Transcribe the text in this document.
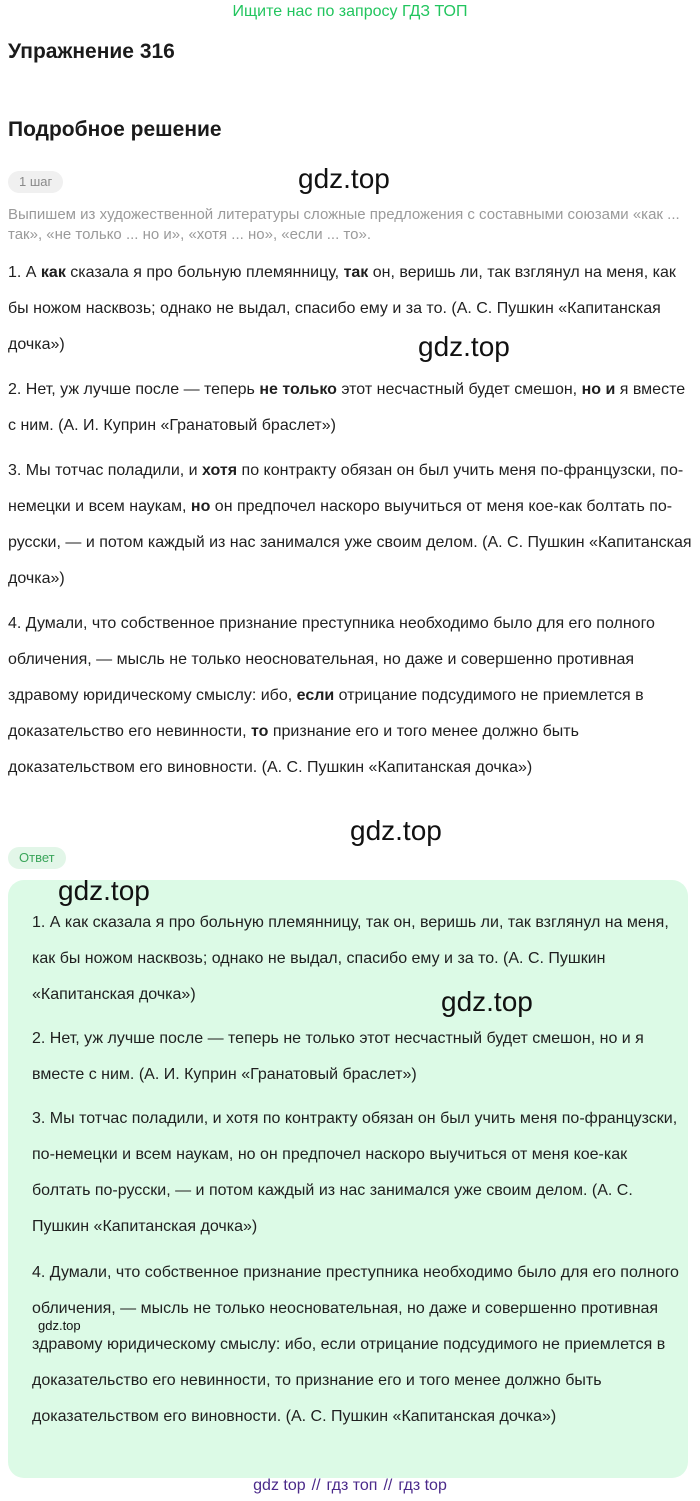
Ищите нас по запросу ГДЗ ТОП
Упражнение 316
Подробное решение
1 шаг
Выпишем из художественной литературы сложные предложения с составными союзами «как ... так», «не только ... но и», «хотя ... но», «если ... то».
1. А как сказала я про больную племянницу, так он, веришь ли, так взглянул на меня, как бы ножом насквозь; однако не выдал, спасибо ему и за то. (А. С. Пушкин «Капитанская дочка»)
2. Нет, уж лучше после — теперь не только этот несчастный будет смешон, но и я вместе с ним. (А. И. Куприн «Гранатовый браслет»)
3. Мы тотчас поладили, и хотя по контракту обязан он был учить меня по-французски, по-немецки и всем наукам, но он предпочел наскоро выучиться от меня кое-как болтать по-русски, — и потом каждый из нас занимался уже своим делом. (А. С. Пушкин «Капитанская дочка»)
4. Думали, что собственное признание преступника необходимо было для его полного обличения, — мысль не только неосновательная, но даже и совершенно противная здравому юридическому смыслу: ибо, если отрицание подсудимого не приемлется в доказательство его невинности, то признание его и того менее должно быть доказательством его виновности. (А. С. Пушкин «Капитанская дочка»)
Ответ
1. А как сказала я про больную племянницу, так он, веришь ли, так взглянул на меня, как бы ножом насквозь; однако не выдал, спасибо ему и за то. (А. С. Пушкин «Капитанская дочка»)
2. Нет, уж лучше после — теперь не только этот несчастный будет смешон, но и я вместе с ним. (А. И. Куприн «Гранатовый браслет»)
3. Мы тотчас поладили, и хотя по контракту обязан он был учить меня по-французски, по-немецки и всем наукам, но он предпочел наскоро выучиться от меня кое-как болтать по-русски, — и потом каждый из нас занимался уже своим делом. (А. С. Пушкин «Капитанская дочка»)
4. Думали, что собственное признание преступника необходимо было для его полного обличения, — мысль не только неосновательная, но даже и совершенно противная здравому юридическому смыслу: ибо, если отрицание подсудимого не приемлется в доказательство его невинности, то признание его и того менее должно быть доказательством его виновности. (А. С. Пушкин «Капитанская дочка»)
gdz.top
gdz.top
gdz.top
gdz.top
gdz.top
gdz.top
gdz top // гдз топ // гдз top
